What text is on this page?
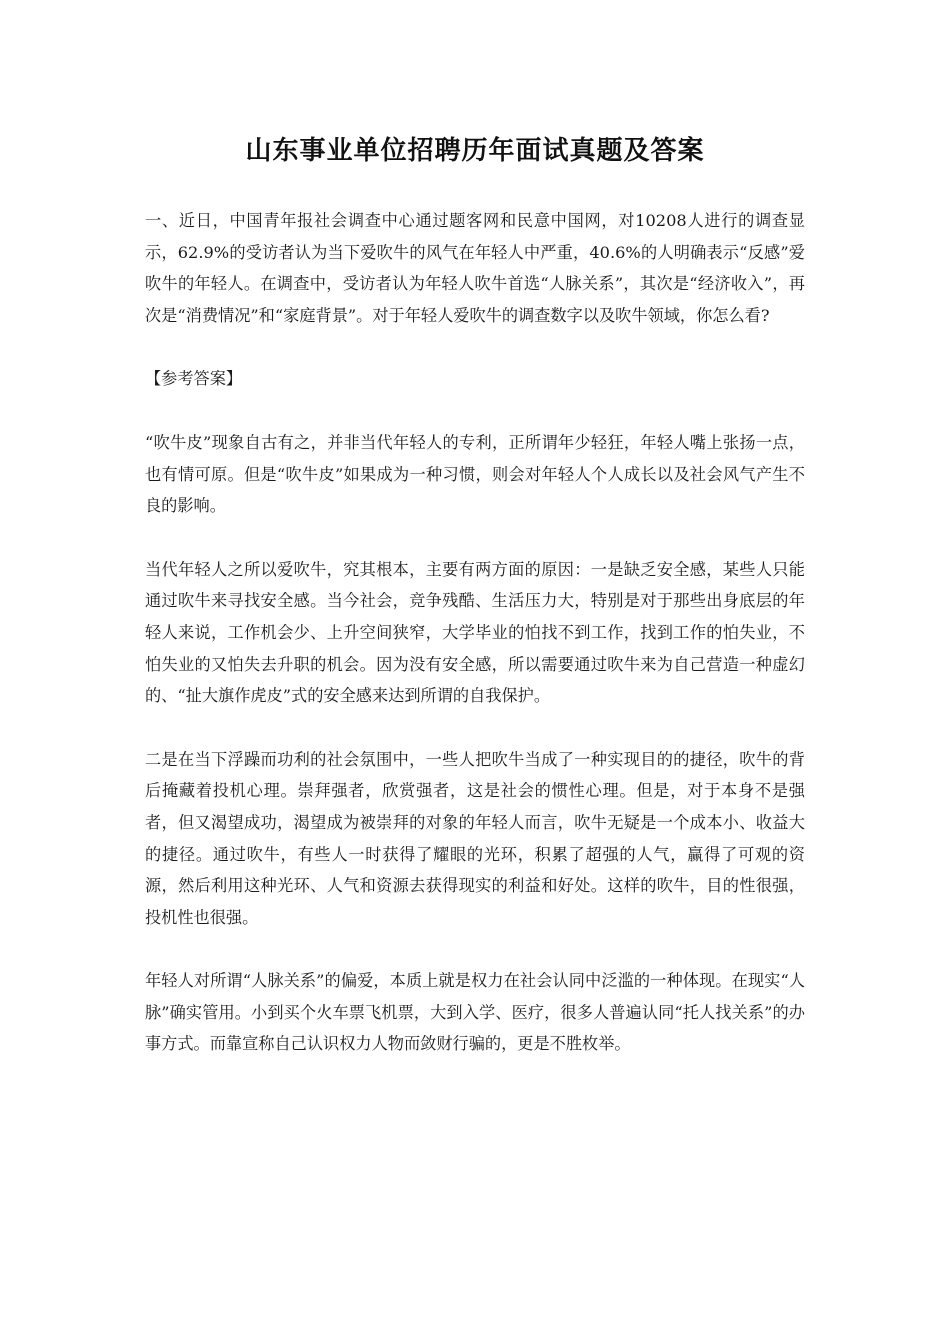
山东事业单位招聘历年面试真题及答案

一、近日，中国青年报社会调查中心通过题客网和民意中国网，对10208人进行的调查显示，62.9%的受访者认为当下爱吹牛的风气在年轻人中严重，40.6%的人明确表示“反感”爱吹牛的年轻人。在调查中，受访者认为年轻人吹牛首选“人脉关系”，其次是“经济收入”，再次是“消费情况”和“家庭背景”。对于年轻人爱吹牛的调查数字以及吹牛领域，你怎么看?

【参考答案】

“吹牛皮”现象自古有之，并非当代年轻人的专利，正所谓年少轻狂，年轻人嘴上张扬一点，也有情可原。但是“吹牛皮”如果成为一种习惯，则会对年轻人个人成长以及社会风气产生不良的影响。

当代年轻人之所以爱吹牛，究其根本，主要有两方面的原因：一是缺乏安全感，某些人只能通过吹牛来寻找安全感。当今社会，竞争残酷、生活压力大，特别是对于那些出身底层的年轻人来说，工作机会少、上升空间狭窄，大学毕业的怕找不到工作，找到工作的怕失业，不怕失业的又怕失去升职的机会。因为没有安全感，所以需要通过吹牛来为自己营造一种虚幻的、“扯大旗作虎皮”式的安全感来达到所谓的自我保护。

二是在当下浮躁而功利的社会氛围中，一些人把吹牛当成了一种实现目的的捷径，吹牛的背后掩藏着投机心理。崇拜强者，欣赏强者，这是社会的惯性心理。但是，对于本身不是强者，但又渴望成功，渴望成为被崇拜的对象的年轻人而言，吹牛无疑是一个成本小、收益大的捷径。通过吹牛，有些人一时获得了耀眼的光环，积累了超强的人气，赢得了可观的资源，然后利用这种光环、人气和资源去获得现实的利益和好处。这样的吹牛，目的性很强，投机性也很强。

年轻人对所谓“人脉关系”的偏爱，本质上就是权力在社会认同中泛滥的一种体现。在现实“人脉”确实管用。小到买个火车票飞机票，大到入学、医疗，很多人普遍认同“托人找关系”的办事方式。而靠宣称自己认识权力人物而敛财行骗的，更是不胜枚举。
